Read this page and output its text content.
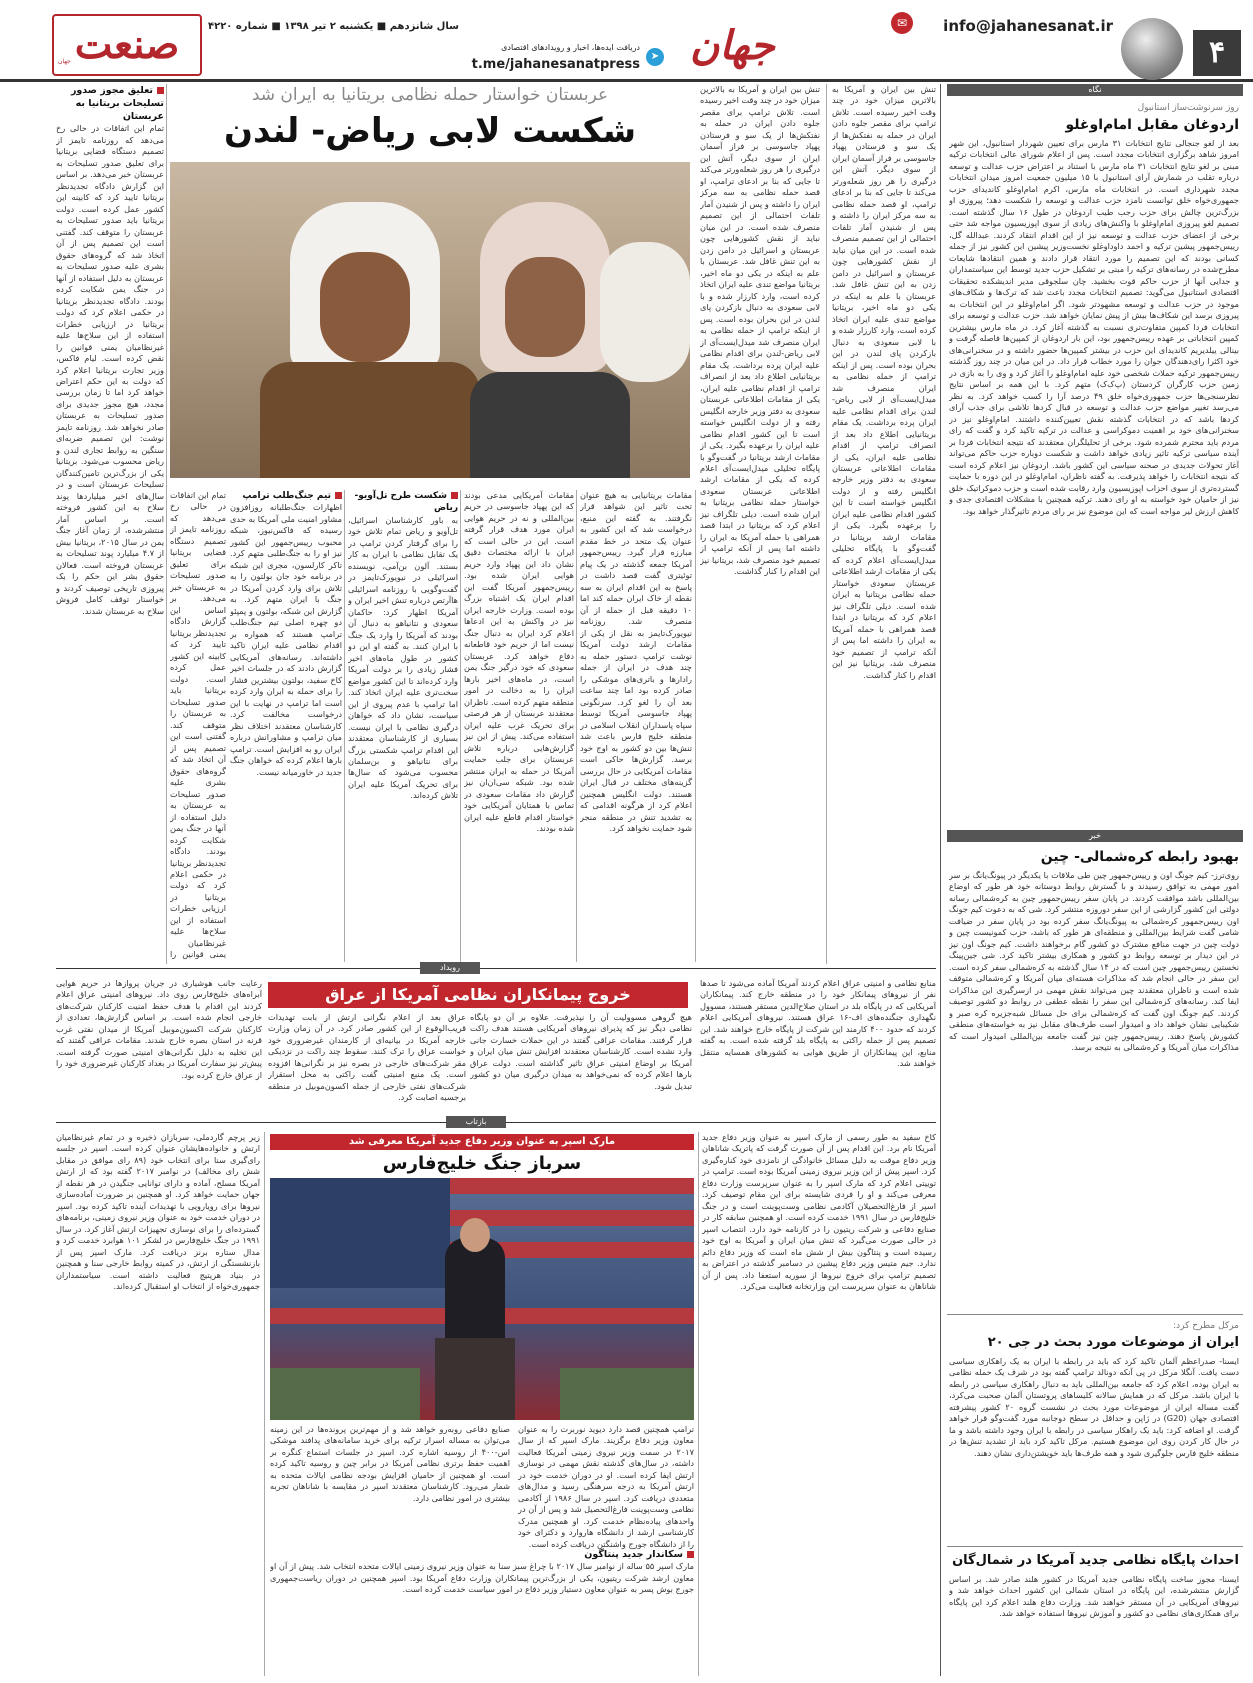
۴
info@jahanesanat.ir
✉
جهان
➤
دریافت ایده‌ها، اخبار و رویدادهای اقتصادی
t.me/jahanesanatpress
سال شانزدهم ■ یکشنبه ۲ تیر ۱۳۹۸ ■ شماره ۴۲۲۰
صنعت
جهان
نگاه
روز سرنوشت‌ساز استانبول
اردوغان مقابل امام‌اوغلو
بعد از لغو جنجالی نتایج انتخابات ۳۱ مارس برای تعیین شهردار استانبول، این شهر امروز شاهد برگزاری انتخابات مجدد است. پس از اعلام شورای عالی انتخابات ترکیه مبنی بر لغو نتایج انتخابات ۳۱ ماه مارس با استناد بر اعتراض حزب عدالت و توسعه درباره تقلب در شمارش آرای استانبول با ۱۵ میلیون جمعیت امروز میدان انتخابات مجدد شهرداری است. در انتخابات ماه مارس، اکرم امام‌اوغلو کاندیدای حزب جمهوری‌خواه خلق توانست نامزد حزب عدالت و توسعه را شکست دهد؛ پیروزی او بزرگ‌ترین چالش برای حزب رجب طیب اردوغان در طول ۱۶ سال گذشته است. تصمیم لغو پیروزی امام‌اوغلو با واکنش‌های زیادی از سوی اپوزیسیون مواجه شد حتی برخی از اعضای حزب عدالت و توسعه نیز از این اقدام انتقاد کردند. عبدالله گل، رییس‌جمهور پیشین ترکیه و احمد داوداوغلو نخست‌وزیر پیشین این کشور نیز از جمله کسانی بودند که این تصمیم را مورد انتقاد قرار دادند و همین انتقادها شایعات مطرح‌شده در رسانه‌های ترکیه را مبنی بر تشکیل حزب جدید توسط این سیاستمداران و جدایی آنها از حزب حاکم قوت بخشید. چان سلجوقی مدیر اندیشکده تحقیقات اقتصادی استانبول می‌گوید: تصمیم انتخابات مجدد باعث شد که ترک‌ها و شکاف‌های موجود در حزب عدالت و توسعه مشهودتر شود. اگر امام‌اوغلو در این انتخابات به پیروزی برسد این شکاف‌ها بیش از پیش نمایان خواهد شد. حزب عدالت و توسعه برای انتخابات فردا کمپین متفاوت‌تری نسبت به گذشته آغاز کرد. در ماه مارس بیشترین کمپین انتخاباتی بر عهده رییس‌جمهور بود، این بار اردوغان از کمپین‌ها فاصله گرفت و بینالی ییلدیریم کاندیدای این حزب در بیشتر کمپین‌ها حضور داشته و در سخنرانی‌های خود اکثرا رای‌دهندگان جوان را مورد خطاب قرار داد. در این میان در چند روز گذشته رییس‌جمهور ترکیه حملات شخصی خود علیه امام‌اوغلو را آغاز کرد و وی را به بازی در زمین حزب کارگران کردستان (پ‌ک‌ک) متهم کرد. با این همه بر اساس نتایج نظرسنجی‌ها حزب جمهوری‌خواه خلق ۴۹ درصد آرا را کسب خواهد کرد. به نظر می‌رسد تغییر مواضع حزب عدالت و توسعه در قبال کردها تلاشی برای جذب آرای کردها باشد که در انتخابات گذشته نقش تعیین‌کننده داشتند. امام‌اوغلو نیز در سخنرانی‌های خود بر اهمیت دموکراسی و عدالت در ترکیه تاکید کرد و گفت که رای مردم باید محترم شمرده شود. برخی از تحلیلگران معتقدند که نتیجه انتخابات فردا بر آینده سیاسی ترکیه تاثیر زیادی خواهد داشت و شکست دوباره حزب حاکم می‌تواند آغاز تحولات جدیدی در صحنه سیاسی این کشور باشد. اردوغان نیز اعلام کرده است که نتیجه انتخابات را خواهد پذیرفت. به گفته ناظران، امام‌اوغلو در این دوره با حمایت گسترده‌تری از سوی احزاب اپوزیسیون وارد رقابت شده است و حزب دموکراتیک خلق نیز از حامیان خود خواسته به او رای دهند. ترکیه همچنین با مشکلات اقتصادی جدی و کاهش ارزش لیر مواجه است که این موضوع نیز بر رای مردم تاثیرگذار خواهد بود.
خبر
بهبود رابطه کره‌شمالی- چین
روی‌ترز- کیم جونگ اون و رییس‌جمهور چین طی ملاقات با یکدیگر در پیونگ‌یانگ بر سر امور مهمی به توافق رسیدند و با گسترش روابط دوستانه خود هر طور که اوضاع بین‌المللی باشد موافقت کردند. در پایان سفر رییس‌جمهور چین به کره‌شمالی رسانه دولتی این کشور گزارشی از این سفر دوروزه منتشر کرد. شی که به دعوت کیم جونگ اون رییس‌جمهور کره‌شمالی به پیونگ‌یانگ سفر کرده بود در پایان سفر در ضیافت شامی گفت شرایط بین‌المللی و منطقه‌ای هر طور که باشد، حزب کمونیست چین و دولت چین در جهت منافع مشترک دو کشور گام برخواهند داشت. کیم جونگ اون نیز در این دیدار بر توسعه روابط دو کشور و همکاری بیشتر تاکید کرد. شی جین‌پینگ نخستین رییس‌جمهور چین است که در ۱۴ سال گذشته به کره‌شمالی سفر کرده است. این سفر در حالی انجام شد که مذاکرات هسته‌ای میان آمریکا و کره‌شمالی متوقف شده است و ناظران معتقدند چین می‌تواند نقش مهمی در ازسرگیری این مذاکرات ایفا کند. رسانه‌های کره‌شمالی این سفر را نقطه عطفی در روابط دو کشور توصیف کردند. کیم جونگ اون گفت که کره‌شمالی برای حل مسائل شبه‌جزیره کره صبر و شکیبایی نشان خواهد داد و امیدوار است طرف‌های مقابل نیز به خواسته‌های منطقی کشورش پاسخ دهند. رییس‌جمهور چین نیز گفت جامعه بین‌المللی امیدوار است که مذاکرات میان آمریکا و کره‌شمالی به نتیجه برسد.
مرکل مطرح کرد:
ایران از موضوعات مورد بحث در جی ۲۰
ایسنا- صدراعظم آلمان تاکید کرد که باید در رابطه با ایران به یک راهکاری سیاسی دست یافت. آنگلا مرکل در پی آنکه دونالد ترامپ گفته بود در شرف یک حمله نظامی به ایران بوده، اعلام کرد که جامعه بین‌المللی باید به دنبال راهکاری سیاسی در رابطه با ایران باشد. مرکل که در همایش سالانه کلیساهای پروتستان آلمان صحبت می‌کرد، گفت مساله ایران از موضوعات مورد بحث در نشست گروه ۲۰ کشور پیشرفته اقتصادی جهان (G20) در ژاپن و حداقل در سطح دوجانبه مورد گفت‌وگو قرار خواهد گرفت. او اضافه کرد: باید یک راهکار سیاسی در رابطه با ایران وجود داشته باشد و ما در حال کار کردن روی این موضوع هستیم. مرکل تاکید کرد باید از تشدید تنش‌ها در منطقه خلیج فارس جلوگیری شود و همه طرف‌ها باید خویشتن‌داری نشان دهند.
احداث پایگاه نظامی جدید آمریکا در شمال‌گان
ایسنا- مجوز ساخت پایگاه نظامی جدید آمریکا در کشور هلند صادر شد. بر اساس گزارش منتشرشده، این پایگاه در استان شمالی این کشور احداث خواهد شد و نیروهای آمریکایی در آن مستقر خواهند شد. وزارت دفاع هلند اعلام کرد این پایگاه برای همکاری‌های نظامی دو کشور و آموزش نیروها استفاده خواهد شد.
عربستان خواستار حمله نظامی بریتانیا به ایران شد
شکست لابی ریاض- لندن
تنش بین ایران و آمریکا به بالاترین میزان خود در چند وقت اخیر رسیده است. تلاش ترامپ برای مقصر جلوه دادن ایران در حمله به نفتکش‌ها از یک سو و فرستادن پهپاد جاسوسی بر فراز آسمان ایران از سوی دیگر، آتش این درگیری را هر روز شعله‌ورتر می‌کند تا جایی که بنا بر ادعای ترامپ، او قصد حمله نظامی به سه مرکز ایران را داشته و پس از شنیدن آمار تلفات احتمالی از این تصمیم منصرف شده است. در این میان نباید از نقش کشورهایی چون عربستان و اسرائیل در دامن زدن به این تنش غافل شد. عربستان با علم به اینکه در یکی دو ماه اخیر، بریتانیا مواضع تندی علیه ایران اتخاذ کرده است، وارد کارزار شده و با لابی سعودی به دنبال بازکردن پای لندن در این بحران بوده است. پس از اینکه ترامپ از حمله نظامی به ایران منصرف شد میدل‌ایست‌آی از لابی ریاض-لندن برای اقدام نظامی علیه ایران پرده برداشت. یک مقام بریتانیایی اطلاع داد بعد از انصراف ترامپ از اقدام نظامی علیه ایران، یکی از مقامات اطلاعاتی عربستان سعودی به دفتر وزیر خارجه انگلیس رفته و از دولت انگلیس خواسته است تا این کشور اقدام نظامی علیه ایران را برعهده بگیرد. یکی از مقامات ارشد بریتانیا در گفت‌وگو با پایگاه تحلیلی میدل‌ایست‌آی اعلام کرده که یکی از مقامات ارشد اطلاعاتی عربستان سعودی خواستار حمله نظامی بریتانیا به ایران شده است. دیلی تلگراف نیز اعلام کرد که بریتانیا در ابتدا قصد همراهی با حمله آمریکا به ایران را داشته اما پس از آنکه ترامپ از تصمیم خود منصرف شد، بریتانیا نیز این اقدام را کنار گذاشت.
تنش بین ایران و آمریکا به بالاترین میزان خود در چند وقت اخیر رسیده است. تلاش ترامپ برای مقصر جلوه دادن ایران در حمله به نفتکش‌ها از یک سو و فرستادن پهپاد جاسوسی بر فراز آسمان ایران از سوی دیگر، آتش این درگیری را هر روز شعله‌ورتر می‌کند تا جایی که بنا بر ادعای ترامپ، او قصد حمله نظامی به سه مرکز ایران را داشته و پس از شنیدن آمار تلفات احتمالی از این تصمیم منصرف شده است. در این میان نباید از نقش کشورهایی چون عربستان و اسرائیل در دامن زدن به این تنش غافل شد. عربستان با علم به اینکه در یکی دو ماه اخیر، بریتانیا مواضع تندی علیه ایران اتخاذ کرده است، وارد کارزار شده و با لابی سعودی به دنبال بازکردن پای لندن در این بحران بوده است. پس از اینکه ترامپ از حمله نظامی به ایران منصرف شد میدل‌ایست‌آی از لابی ریاض-لندن برای اقدام نظامی علیه ایران پرده برداشت. یک مقام بریتانیایی اطلاع داد بعد از انصراف ترامپ از اقدام نظامی علیه ایران، یکی از مقامات اطلاعاتی عربستان سعودی به دفتر وزیر خارجه انگلیس رفته و از دولت انگلیس خواسته است تا این کشور اقدام نظامی علیه ایران را برعهده بگیرد. یکی از مقامات ارشد بریتانیا در گفت‌وگو با پایگاه تحلیلی میدل‌ایست‌آی اعلام کرده که یکی از مقامات ارشد اطلاعاتی عربستان سعودی خواستار حمله نظامی بریتانیا به ایران شده است. دیلی تلگراف نیز اعلام کرد که بریتانیا در ابتدا قصد همراهی با حمله آمریکا به ایران را داشته اما پس از آنکه ترامپ از تصمیم خود منصرف شد، بریتانیا نیز این اقدام را کنار گذاشت.
مقامات بریتانیایی به هیچ عنوان تحت تاثیر این شواهد قرار نگرفتند. به گفته این منبع، درخواست شد که این کشور به عنوان یک متحد در خط مقدم مبارزه قرار گیرد. رییس‌جمهور آمریکا جمعه گذشته در یک پیام توئیتری گفت قصد داشت در پاسخ به این اقدام ایران به سه نقطه از خاک ایران حمله کند اما ۱۰ دقیقه قبل از حمله از آن منصرف شد. روزنامه نیویورک‌تایمز به نقل از یکی از مقامات ارشد دولت آمریکا نوشت ترامپ دستور حمله به چند هدف در ایران از جمله رادارها و باتری‌های موشکی را صادر کرده بود اما چند ساعت بعد آن را لغو کرد. سرنگونی پهپاد جاسوسی آمریکا توسط سپاه پاسداران انقلاب اسلامی در منطقه خلیج فارس باعث شد تنش‌ها بین دو کشور به اوج خود برسد. گزارش‌ها حاکی است مقامات آمریکایی در حال بررسی گزینه‌های مختلف در قبال ایران هستند. دولت انگلیس همچنین اعلام کرد از هرگونه اقدامی که به تشدید تنش در منطقه منجر شود حمایت نخواهد کرد.
مقامات آمریکایی مدعی بودند که این پهپاد جاسوسی در حریم بین‌المللی و نه در حریم هوایی ایران مورد هدف قرار گرفته است. این در حالی است که ایران با ارائه مختصات دقیق نشان داد این پهپاد وارد حریم هوایی ایران شده بود. رییس‌جمهور آمریکا گفت این اقدام ایران یک اشتباه بزرگ بوده است. وزارت خارجه ایران نیز در واکنش به این ادعاها اعلام کرد ایران به دنبال جنگ نیست اما از حریم خود قاطعانه دفاع خواهد کرد. عربستان سعودی که خود درگیر جنگ یمن است، در ماه‌های اخیر بارها ایران را به دخالت در امور منطقه متهم کرده است. ناظران معتقدند عربستان از هر فرصتی برای تحریک غرب علیه ایران استفاده می‌کند. پیش از این نیز گزارش‌هایی درباره تلاش عربستان برای جلب حمایت آمریکا در حمله به ایران منتشر شده بود. شبکه سی‌ان‌ان نیز گزارش داد مقامات سعودی در تماس با همتایان آمریکایی خود خواستار اقدام قاطع علیه ایران شده بودند.
شکست طرح تل‌آویو- ریاض
به باور کارشناسان اسرائیل، تل‌آویو و ریاض تمام تلاش خود را برای گرفتار کردن ترامپ در یک تقابل نظامی با ایران به کار بستند. آلون بن‌آمی، نویسنده اسرائیلی در نیویورک‌تایمز در گفت‌وگویی با روزنامه اسرائیلی هاآرتص درباره تنش اخیر ایران و آمریکا اظهار کرد: حاکمان سعودی و نتانیاهو به دنبال آن بودند که آمریکا را وارد یک جنگ با ایران کنند. به گفته او این دو کشور در طول ماه‌های اخیر فشار زیادی را بر دولت آمریکا وارد کرده‌اند تا این کشور مواضع سخت‌تری علیه ایران اتخاذ کند. اما ترامپ با عدم پیروی از این سیاست، نشان داد که خواهان درگیری نظامی با ایران نیست. بسیاری از کارشناسان معتقدند این اقدام ترامپ شکستی بزرگ برای نتانیاهو و بن‌سلمان محسوب می‌شود که سال‌ها برای تحریک آمریکا علیه ایران تلاش کرده‌اند.
تیم جنگ‌طلب ترامپ
اظهارات جنگ‌طلبانه روزافزون مشاور امنیت ملی آمریکا به حدی رسیده که فاکس‌نیوز، شبکه محبوب رییس‌جمهور این کشور نیز او را به جنگ‌طلبی متهم کرد. تاکر کارلسون، مجری این شبکه در برنامه خود جان بولتون را به تلاش برای وارد کردن آمریکا در جنگ با ایران متهم کرد. به گزارش این شبکه، بولتون و پمپئو دو چهره اصلی تیم جنگ‌طلب ترامپ هستند که همواره بر اقدام نظامی علیه ایران تاکید داشته‌اند. رسانه‌های آمریکایی گزارش دادند که در جلسات اخیر کاخ سفید، بولتون بیشترین فشار را برای حمله به ایران وارد کرده است اما ترامپ در نهایت با این درخواست مخالفت کرد. کارشناسان معتقدند اختلاف نظر میان ترامپ و مشاورانش درباره ایران رو به افزایش است. ترامپ بارها اعلام کرده که خواهان جنگ جدید در خاورمیانه نیست.
تعلیق مجوز صدور تسلیحات بریتانیا به عربستان
تمام این اتفاقات در حالی رخ می‌دهد که روزنامه تایمز از تصمیم دستگاه قضایی بریتانیا برای تعلیق صدور تسلیحات به عربستان خبر می‌دهد. بر اساس این گزارش دادگاه تجدیدنظر بریتانیا تایید کرد که کابینه این کشور عمل کرده است. دولت بریتانیا باید صدور تسلیحات به عربستان را متوقف کند. گفتنی است این تصمیم پس از آن اتخاذ شد که گروه‌های حقوق بشری علیه صدور تسلیحات به عربستان به دلیل استفاده از آنها در جنگ یمن شکایت کرده بودند. دادگاه تجدیدنظر بریتانیا در حکمی اعلام کرد که دولت بریتانیا در ارزیابی خطرات استفاده از این سلاح‌ها علیه غیرنظامیان یمنی قوانین را نقض کرده است. لیام فاکس، وزیر تجارت بریتانیا اعلام کرد که دولت به این حکم اعتراض خواهد کرد اما تا زمان بررسی مجدد، هیچ مجوز جدیدی برای صدور تسلیحات به عربستان صادر نخواهد شد. روزنامه تایمز نوشت: این تصمیم ضربه‌ای سنگین به روابط تجاری لندن و ریاض محسوب می‌شود. بریتانیا یکی از بزرگ‌ترین تامین‌کنندگان تسلیحات عربستان است و در سال‌های اخیر میلیاردها پوند سلاح به این کشور فروخته است. بر اساس آمار منتشرشده، از زمان آغاز جنگ یمن در سال ۲۰۱۵، بریتانیا بیش از ۴.۷ میلیارد پوند تسلیحات به عربستان فروخته است. فعالان حقوق بشر این حکم را یک پیروزی تاریخی توصیف کردند و خواستار توقف کامل فروش سلاح به عربستان شدند.
تمام این اتفاقات در حالی رخ می‌دهد که روزنامه تایمز از تصمیم دستگاه قضایی بریتانیا برای تعلیق صدور تسلیحات به عربستان خبر می‌دهد. بر اساس این گزارش دادگاه تجدیدنظر بریتانیا تایید کرد که کابینه این کشور عمل کرده است. دولت بریتانیا باید صدور تسلیحات به عربستان را متوقف کند. گفتنی است این تصمیم پس از آن اتخاذ شد که گروه‌های حقوق بشری علیه صدور تسلیحات به عربستان به دلیل استفاده از آنها در جنگ یمن شکایت کرده بودند. دادگاه تجدیدنظر بریتانیا در حکمی اعلام کرد که دولت بریتانیا در ارزیابی خطرات استفاده از این سلاح‌ها علیه غیرنظامیان یمنی قوانین را
رویداد
خروج پیمانکاران نظامی آمریکا از عراق
منابع نظامی و امنیتی عراق اعلام کردند آمریکا آماده می‌شود تا صدها نفر از نیروهای پیمانکار خود را در منطقه خارج کند. پیمانکاران آمریکایی که در پایگاه بلد در استان صلاح‌الدین مستقر هستند، مسوول نگهداری جنگنده‌های اف-۱۶ عراق هستند. نیروهای آمریکایی اعلام کردند که حدود ۴۰۰ کارمند این شرکت از پایگاه خارج خواهند شد. این تصمیم پس از حمله راکتی به پایگاه بلد گرفته شده است. به گفته منابع، این پیمانکاران از طریق هوایی به کشورهای همسایه منتقل خواهند شد.
هیچ گروهی مسوولیت آن را نپذیرفت. علاوه بر آن دو پایگاه نظامی دیگر نیز که پذیرای نیروهای آمریکایی هستند هدف راکت قرار گرفتند. مقامات عراقی گفتند در این حملات خسارت جانی وارد نشده است. کارشناسان معتقدند افزایش تنش میان ایران و آمریکا بر اوضاع امنیتی عراق تاثیر گذاشته است. دولت عراق بارها اعلام کرده که نمی‌خواهد به میدان درگیری میان دو کشور تبدیل شود.
عراق بعد از اعلام نگرانی ارتش از بابت تهدیدات قریب‌الوقوع از این کشور صادر کرد. در آن زمان وزارت خارجه آمریکا در بیانیه‌ای از کارمندان غیرضروری خود خواست عراق را ترک کنند. سقوط چند راکت در نزدیکی مقر شرکت‌های خارجی در بصره نیز بر نگرانی‌ها افزوده است. یک منبع امنیتی گفت راکتی به محل استقرار شرکت‌های نفتی خارجی از جمله اکسون‌موبیل در منطقه برجسیه اصابت کرد.
رعایت جانب هوشیاری در جریان پروازها در حریم هوایی آبراه‌های خلیج‌فارس روی داد. نیروهای امنیتی عراق اعلام کردند این اقدام با هدف حفظ امنیت کارکنان شرکت‌های خارجی انجام شده است. بر اساس گزارش‌ها، تعدادی از کارکنان شرکت اکسون‌موبیل آمریکا از میدان نفتی غرب قرنه در استان بصره خارج شدند. مقامات عراقی گفتند که این تخلیه به دلیل نگرانی‌های امنیتی صورت گرفته است. پیش‌تر نیز سفارت آمریکا در بغداد کارکنان غیرضروری خود را از عراق خارج کرده بود.
بازتاب
کاخ سفید به طور رسمی از مارک اسپر به عنوان وزیر دفاع جدید آمریکا نام برد. این اقدام پس از آن صورت گرفت که پاتریک شاناهان وزیر دفاع موقت به دلیل مسائل خانوادگی از نامزدی خود کناره‌گیری کرد. اسپر پیش از این وزیر نیروی زمینی آمریکا بوده است. ترامپ در توییتی اعلام کرد که مارک اسپر را به عنوان سرپرست وزارت دفاع معرفی می‌کند و او را فردی شایسته برای این مقام توصیف کرد. اسپر از فارغ‌التحصیلان آکادمی نظامی وست‌پوینت است و در جنگ خلیج‌فارس در سال ۱۹۹۱ خدمت کرده است. او همچنین سابقه کار در صنایع دفاعی و شرکت ریتیون را در کارنامه خود دارد. انتصاب اسپر در حالی صورت می‌گیرد که تنش میان ایران و آمریکا به اوج خود رسیده است و پنتاگون بیش از شش ماه است که وزیر دفاع دائم ندارد. جیم متیس وزیر دفاع پیشین در دسامبر گذشته در اعتراض به تصمیم ترامپ برای خروج نیروها از سوریه استعفا داد. پس از آن شاناهان به عنوان سرپرست این وزارتخانه فعالیت می‌کرد.
مارک اسپر به عنوان وزیر دفاع جدید آمریکا معرفی شد
سرباز جنگ خلیج‌فارس
ترامپ همچنین قصد دارد دیوید نوربرت را به عنوان معاون وزیر دفاع برگزیند. مارک اسپر که از سال ۲۰۱۷ در سمت وزیر نیروی زمینی آمریکا فعالیت داشته، در سال‌های گذشته نقش مهمی در نوسازی ارتش ایفا کرده است. او در دوران خدمت خود در ارتش آمریکا به درجه سرهنگی رسید و مدال‌های متعددی دریافت کرد. اسپر در سال ۱۹۸۶ از آکادمی نظامی وست‌پوینت فارغ‌التحصیل شد و پس از آن در واحدهای پیاده‌نظام خدمت کرد. او همچنین مدرک کارشناسی ارشد از دانشگاه هاروارد و دکترای خود را از دانشگاه جورج واشنگتن دریافت کرده است.
صنایع دفاعی روبه‌رو خواهد شد و از مهم‌ترین پرونده‌ها در این زمینه می‌توان به مساله اسرار ترکیه برای خرید سامانه‌های پدافند موشکی اس-۴۰۰ از روسیه اشاره کرد. اسپر در جلسات استماع کنگره بر اهمیت حفظ برتری نظامی آمریکا در برابر چین و روسیه تاکید کرده است. او همچنین از حامیان افزایش بودجه نظامی ایالات متحده به شمار می‌رود. کارشناسان معتقدند اسپر در مقایسه با شاناهان تجربه بیشتری در امور نظامی دارد.
سکاندار جدید پنتاگون
مارک اسپر ۵۵ ساله از نوامبر سال ۲۰۱۷ با چراغ سبز سنا به عنوان وزیر نیروی زمینی ایالات متحده انتخاب شد. پیش از آن او معاون ارشد شرکت ریتیون، یکی از بزرگ‌ترین پیمانکاران وزارت دفاع آمریکا بود. اسپر همچنین در دوران ریاست‌جمهوری جورج بوش پسر به عنوان معاون دستیار وزیر دفاع در امور سیاست خدمت کرده است.
زیر پرچم گاردملی، سربازان ذخیره و در تمام غیرنظامیان ارتش و خانواده‌هایشان عنوان کرده است. اسپر در جلسه رای‌گیری سنا برای انتخاب خود (۸۹ رای موافق در مقابل شش رای مخالف) در نوامبر ۲۰۱۷ گفته بود که از ارتش آمریکا مسلح، آماده و دارای توانایی جنگیدن در هر نقطه از جهان حمایت خواهد کرد. او همچنین بر ضرورت آماده‌سازی نیروها برای رویارویی با تهدیدات آینده تاکید کرده بود. اسپر در دوران خدمت خود به عنوان وزیر نیروی زمینی، برنامه‌های گسترده‌ای را برای نوسازی تجهیزات ارتش آغاز کرد. در سال ۱۹۹۱ در جنگ خلیج‌فارس در لشکر ۱۰۱ هوابرد خدمت کرد و مدال ستاره برنز دریافت کرد. مارک اسپر پس از بازنشستگی از ارتش، در کمیته روابط خارجی سنا و همچنین در بنیاد هریتیج فعالیت داشته است. سیاستمداران جمهوری‌خواه از انتخاب او استقبال کرده‌اند.
